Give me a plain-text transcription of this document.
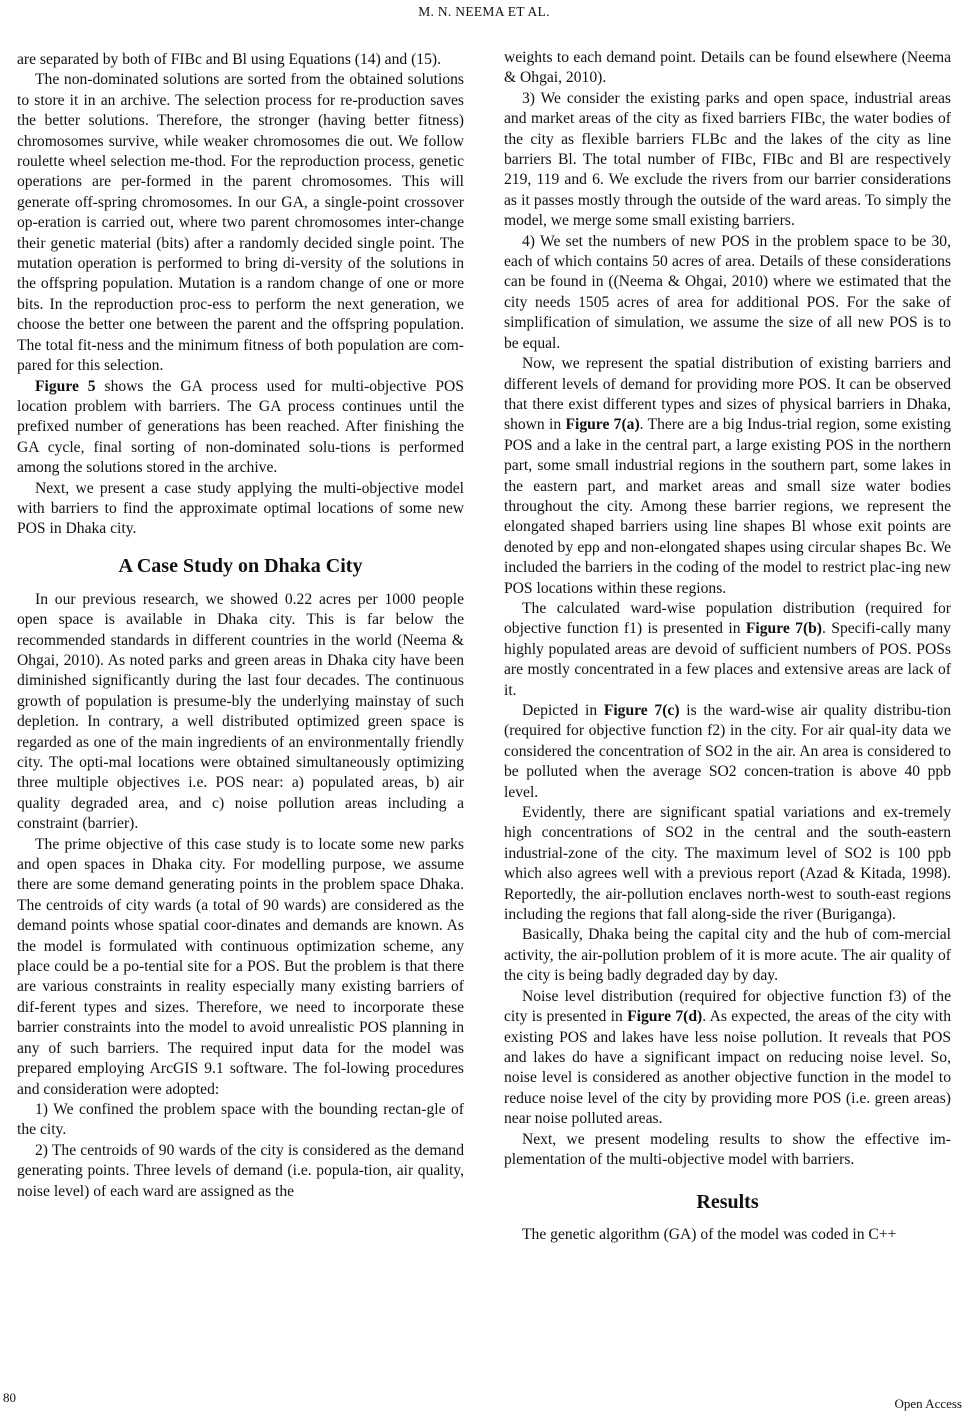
M. N. NEEMA ET AL.

are separated by both of FIBc and Bl using Equations (14) and (15).

The non-dominated solutions are sorted from the obtained solutions to store it in an archive. The selection process for re-production saves the better solutions. Therefore, the stronger (having better fitness) chromosomes survive, while weaker chromosomes die out. We follow roulette wheel selection me-thod. For the reproduction process, genetic operations are per-formed in the parent chromosomes. This will generate off-spring chromosomes. In our GA, a single-point crossover op-eration is carried out, where two parent chromosomes inter-change their genetic material (bits) after a randomly decided single point. The mutation operation is performed to bring di-versity of the solutions in the offspring population. Mutation is a random change of one or more bits. In the reproduction proc-ess to perform the next generation, we choose the better one between the parent and the offspring population. The total fit-ness and the minimum fitness of both population are com-pared for this selection.

Figure 5 shows the GA process used for multi-objective POS location problem with barriers. The GA process continues until the prefixed number of generations has been reached. After finishing the GA cycle, final sorting of non-dominated solu-tions is performed among the solutions stored in the archive.

Next, we present a case study applying the multi-objective model with barriers to find the approximate optimal locations of some new POS in Dhaka city.

A Case Study on Dhaka City

In our previous research, we showed 0.22 acres per 1000 people open space is available in Dhaka city. This is far below the recommended standards in different countries in the world (Neema & Ohgai, 2010). As noted parks and green areas in Dhaka city have been diminished significantly during the last four decades. The continuous growth of population is presume-bly the underlying mainstay of such depletion. In contrary, a well distributed optimized green space is regarded as one of the main ingredients of an environmentally friendly city. The opti-mal locations were obtained simultaneously optimizing three multiple objectives i.e. POS near: a) populated areas, b) air quality degraded area, and c) noise pollution areas including a constraint (barrier).

The prime objective of this case study is to locate some new parks and open spaces in Dhaka city. For modelling purpose, we assume there are some demand generating points in the problem space Dhaka. The centroids of city wards (a total of 90 wards) are considered as the demand points whose spatial coor-dinates and demands are known. As the model is formulated with continuous optimization scheme, any place could be a po-tential site for a POS. But the problem is that there are various constraints in reality especially many existing barriers of dif-ferent types and sizes. Therefore, we need to incorporate these barrier constraints into the model to avoid unrealistic POS planning in any of such barriers. The required input data for the model was prepared employing ArcGIS 9.1 software. The fol-lowing procedures and consideration were adopted:

1) We confined the problem space with the bounding rectan-gle of the city.

2) The centroids of 90 wards of the city is considered as the demand generating points. Three levels of demand (i.e. popula-tion, air quality, noise level) of each ward are assigned as the

weights to each demand point. Details can be found elsewhere (Neema & Ohgai, 2010).

3) We consider the existing parks and open space, industrial areas and market areas of the city as fixed barriers FIBc, the water bodies of the city as flexible barriers FLBc and the lakes of the city as line barriers Bl. The total number of FIBc, FIBc and Bl are respectively 219, 119 and 6. We exclude the rivers from our barrier considerations as it passes mostly through the outside of the ward areas. To simply the model, we merge some small existing barriers.

4) We set the numbers of new POS in the problem space to be 30, each of which contains 50 acres of area. Details of these considerations can be found in ((Neema & Ohgai, 2010) where we estimated that the city needs 1505 acres of area for additional POS. For the sake of simplification of simulation, we assume the size of all new POS is to be equal.

Now, we represent the spatial distribution of existing barriers and different levels of demand for providing more POS. It can be observed that there exist different types and sizes of physical barriers in Dhaka, shown in Figure 7(a). There are a big Indus-trial region, some existing POS and a lake in the central part, a large existing POS in the northern part, some small industrial regions in the southern part, some lakes in the eastern part, and market areas and small size water bodies throughout the city. Among these barrier regions, we represent the elongated shaped barriers using line shapes Bl whose exit points are denoted by epρ and non-elongated shapes using circular shapes Bc. We included the barriers in the coding of the model to restrict plac-ing new POS locations within these regions.

The calculated ward-wise population distribution (required for objective function f1) is presented in Figure 7(b). Specifi-cally many highly populated areas are devoid of sufficient numbers of POS. POSs are mostly concentrated in a few places and extensive areas are lack of it.

Depicted in Figure 7(c) is the ward-wise air quality distribu-tion (required for objective function f2) in the city. For air qual-ity data we considered the concentration of SO2 in the air. An area is considered to be polluted when the average SO2 concen-tration is above 40 ppb level.

Evidently, there are significant spatial variations and ex-tremely high concentrations of SO2 in the central and the south-eastern industrial-zone of the city. The maximum level of SO2 is 100 ppb which also agrees well with a previous report (Azad & Kitada, 1998). Reportedly, the air-pollution enclaves north-west to south-east regions including the regions that fall along-side the river (Buriganga).

Basically, Dhaka being the capital city and the hub of com-mercial activity, the air-pollution problem of it is more acute. The air quality of the city is being badly degraded day by day.

Noise level distribution (required for objective function f3) of the city is presented in Figure 7(d). As expected, the areas of the city with existing POS and lakes have less noise pollution. It reveals that POS and lakes do have a significant impact on reducing noise level. So, noise level is considered as another objective function in the model to reduce noise level of the city by providing more POS (i.e. green areas) near noise polluted areas.

Next, we present modeling results to show the effective im-plementation of the multi-objective model with barriers.

Results

The genetic algorithm (GA) of the model was coded in C++

80	Open Access
